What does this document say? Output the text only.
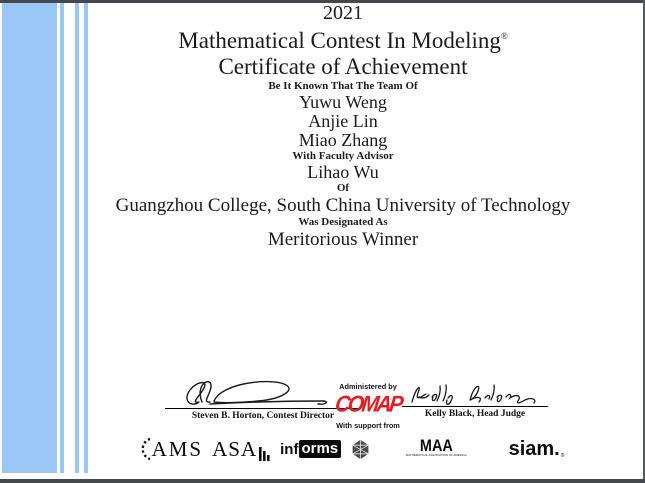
2021
Mathematical Contest In Modeling®
Certificate of Achievement
Be It Known That The Team Of
Yuwu Weng
Anjie Lin
Miao Zhang
With Faculty Advisor
Lihao Wu
Of
Guangzhou College, South China University of Technology
Was Designated As
Meritorious Winner
Steven B. Horton, Contest Director
Administered by
COMAP
With support from
Kelly Black, Head Judge
AMS ASA inf orms	MAA
MATHEMATICAL ASSOCIATION OF AMERICA siam. ®
